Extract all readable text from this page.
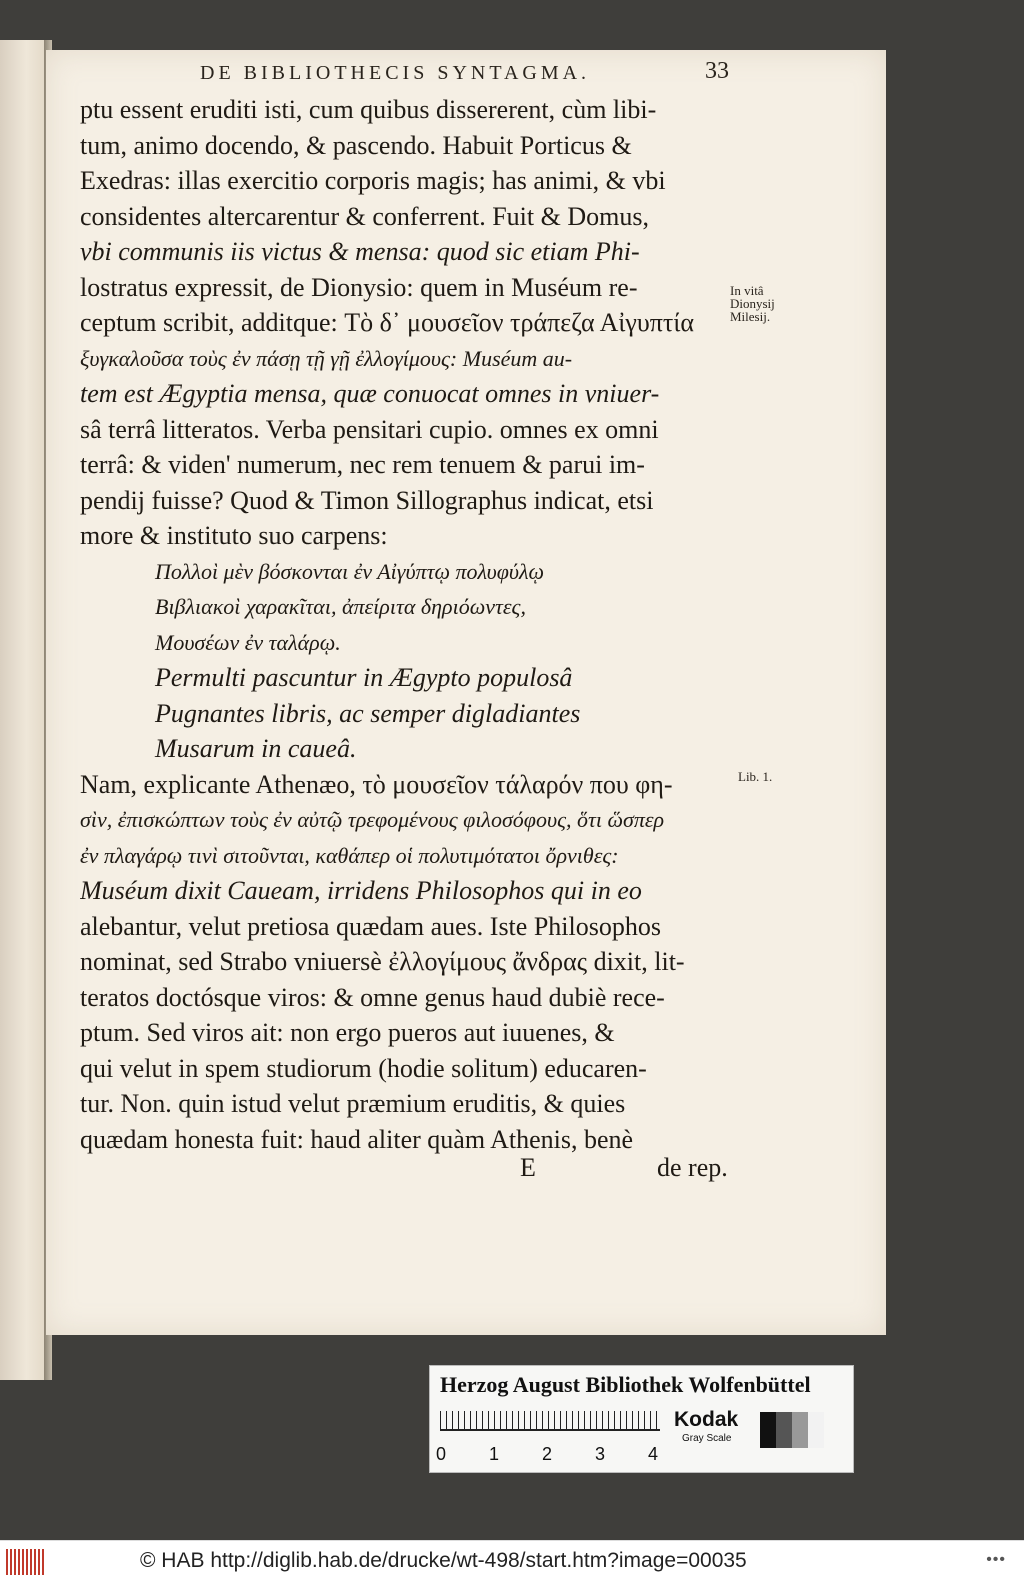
DE BIBLIOTHECIS SYNTAGMA.	33
ptu essent eruditi isti, cum quibus dissererent, cùm libi-
tum, animo docendo, & pascendo. Habuit Porticus &
Exedras: illas exercitio corporis magis; has animi, & vbi
considentes altercarentur & conferrent. Fuit & Domus,
vbi communis iis victus & mensa: quod sic etiam Phi-
lostratus expressit, de Dionysio: quem in Muséum re-
ceptum scribit, additque: Τὸ δ᾽ μουσεῖον τράπεζα Αἰγυπτία
ξυγκαλοῦσα τοὺς ἐν πάσῃ τῇ γῇ ἐλλογίμους: Muséum au-
tem est Ægyptia mensa, quæ conuocat omnes in vniuer-
sâ terrâ litteratos. Verba pensitari cupio. omnes ex omni
terrâ: & viden' numerum, nec rem tenuem & parui im-
pendij fuisse? Quod & Timon Sillographus indicat, etsi
more & instituto suo carpens:
Πολλοὶ μὲν βόσκονται ἐν Αἰγύπτῳ πολυφύλῳ
Βιβλιακοὶ χαρακῖται, ἀπείριτα δηριόωντες,
Μουσέων ἐν ταλάρῳ.
Permulti pascuntur in Ægypto populosâ
Pugnantes libris, ac semper digladiantes
Musarum in caueâ.
Nam, explicante Athenæo, τὸ μουσεῖον τάλαρόν που φη-
σὶν, ἐπισκώπτων τοὺς ἐν αὐτῷ τρεφομένους φιλοσόφους, ὅτι ὥσπερ
ἐν πλαγάρῳ τινὶ σιτοῦνται, καθάπερ οἱ πολυτιμότατοι ὄρνιθες:
Muséum dixit Caueam, irridens Philosophos qui in eo
alebantur, velut pretiosa quædam aues. Iste Philosophos
nominat, sed Strabo vniuersè ἐλλογίμους ἄνδρας dixit, lit-
teratos doctósque viros: & omne genus haud dubiè rece-
ptum. Sed viros ait: non ergo pueros aut iuuenes, &
qui velut in spem studiorum (hodie solitum) educaren-
tur. Non. quin istud velut præmium eruditis, & quies
quædam honesta fuit: haud aliter quàm Athenis, benè
E	de rep.
In vitâ
Dionysij
Milesij.
Lib. 1.
Herzog August Bibliothek Wolfenbüttel
0 1 2 3 4
Kodak
Gray Scale
© HAB http://diglib.hab.de/drucke/wt-498/start.htm?image=00035	•••
